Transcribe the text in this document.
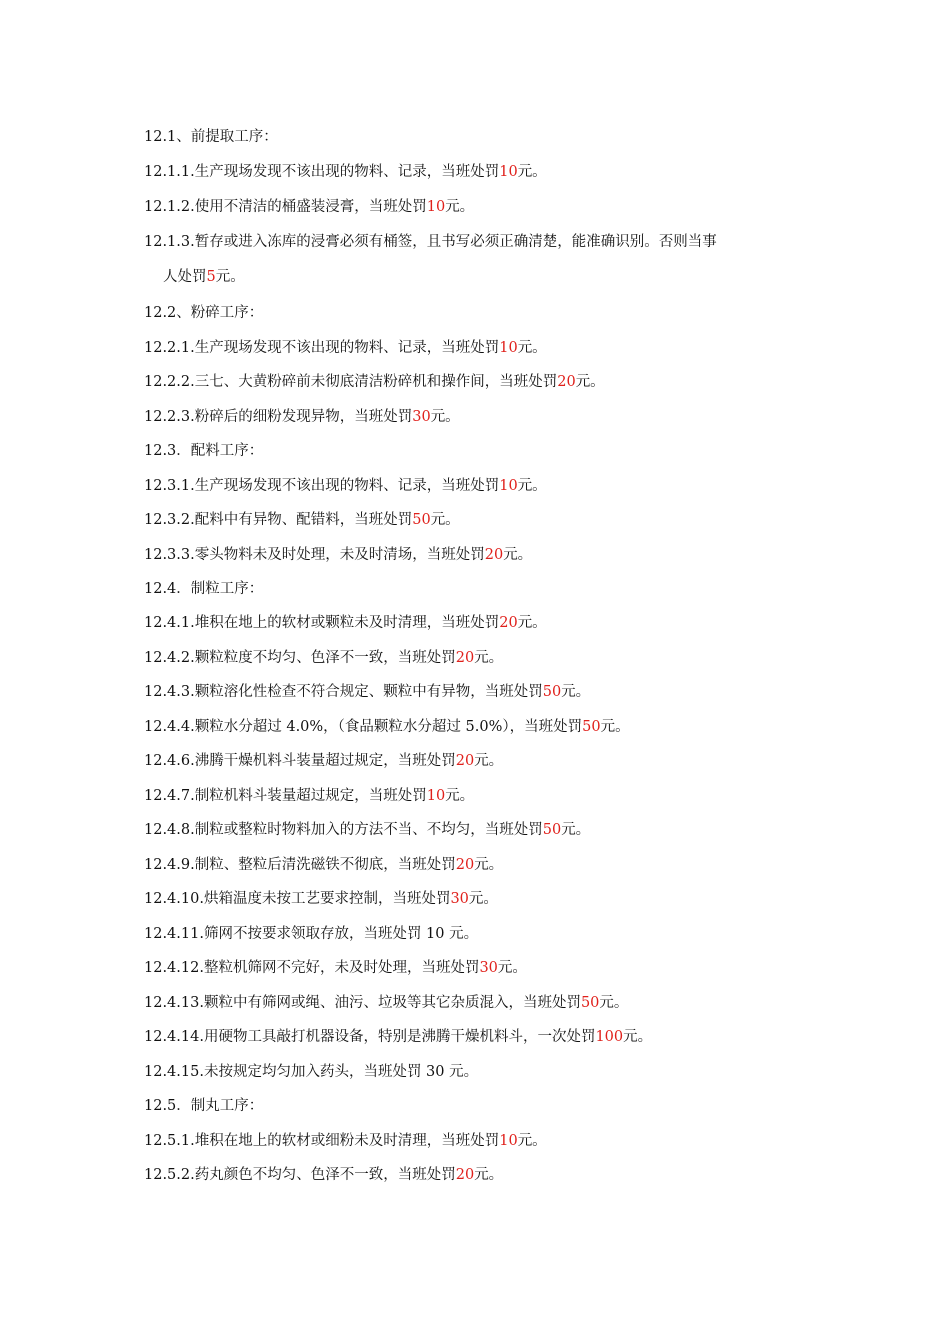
12.1、前提取工序：
12.1.1.生产现场发现不该出现的物料、记录，当班处罚10元。
12.1.2.使用不清洁的桶盛装浸膏，当班处罚10元。
12.1.3.暂存或进入冻库的浸膏必须有桶签，且书写必须正确清楚，能准确识别。否则当事
人处罚5元。
12.2、粉碎工序：
12.2.1.生产现场发现不该出现的物料、记录，当班处罚10元。
12.2.2.三七、大黄粉碎前未彻底清洁粉碎机和操作间，当班处罚20元。
12.2.3.粉碎后的细粉发现异物，当班处罚30元。
12.3．配料工序：
12.3.1.生产现场发现不该出现的物料、记录，当班处罚10元。
12.3.2.配料中有异物、配错料，当班处罚50元。
12.3.3.零头物料未及时处理，未及时清场，当班处罚20元。
12.4．制粒工序：
12.4.1.堆积在地上的软材或颗粒未及时清理，当班处罚20元。
12.4.2.颗粒粒度不均匀、色泽不一致，当班处罚20元。
12.4.3.颗粒溶化性检查不符合规定、颗粒中有异物，当班处罚50元。
12.4.4.颗粒水分超过 4.0%，（食品颗粒水分超过 5.0%），当班处罚50元。
12.4.6.沸腾干燥机料斗装量超过规定，当班处罚20元。
12.4.7.制粒机料斗装量超过规定，当班处罚10元。
12.4.8.制粒或整粒时物料加入的方法不当、不均匀，当班处罚50元。
12.4.9.制粒、整粒后清洗磁铁不彻底，当班处罚20元。
12.4.10.烘箱温度未按工艺要求控制，当班处罚30元。
12.4.11.筛网不按要求领取存放，当班处罚 10 元。
12.4.12.整粒机筛网不完好，未及时处理，当班处罚30元。
12.4.13.颗粒中有筛网或绳、油污、垃圾等其它杂质混入，当班处罚50元。
12.4.14.用硬物工具敲打机器设备，特别是沸腾干燥机料斗，一次处罚100元。
12.4.15.未按规定均匀加入药头，当班处罚 30 元。
12.5．制丸工序：
12.5.1.堆积在地上的软材或细粉未及时清理，当班处罚10元。
12.5.2.药丸颜色不均匀、色泽不一致，当班处罚20元。
